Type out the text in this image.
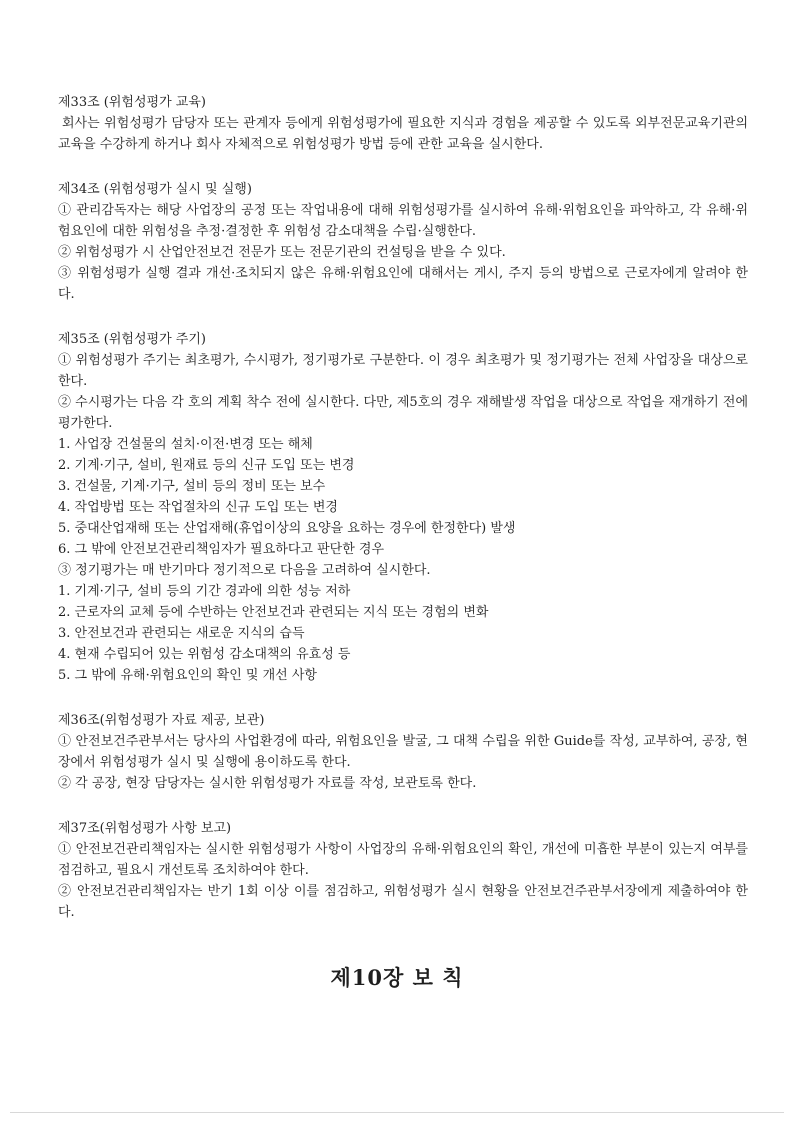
제33조 (위험성평가 교육)

회사는 위험성평가 담당자 또는 관계자 등에게 위험성평가에 필요한 지식과 경험을 제공할 수 있도록 외부전문교육기관의 교육을 수강하게 하거나 회사 자체적으로 위험성평가 방법 등에 관한 교육을 실시한다.

제34조 (위험성평가 실시 및 실행)

① 관리감독자는 해당 사업장의 공정 또는 작업내용에 대해 위험성평가를 실시하여 유해·위험요인을 파악하고, 각 유해·위험요인에 대한 위험성을 추정·결정한 후 위험성 감소대책을 수립·실행한다.

② 위험성평가 시 산업안전보건 전문가 또는 전문기관의 컨설팅을 받을 수 있다.

③ 위험성평가 실행 결과 개선·조치되지 않은 유해·위험요인에 대해서는 게시, 주지 등의 방법으로 근로자에게 알려야 한다.

제35조 (위험성평가 주기)

① 위험성평가 주기는 최초평가, 수시평가, 정기평가로 구분한다. 이 경우 최초평가 및 정기평가는 전체 사업장을 대상으로 한다.

② 수시평가는 다음 각 호의 계획 착수 전에 실시한다. 다만, 제5호의 경우 재해발생 작업을 대상으로 작업을 재개하기 전에 평가한다.

1. 사업장 건설물의 설치·이전·변경 또는 해체

2. 기계·기구, 설비, 원재료 등의 신규 도입 또는 변경

3. 건설물, 기계·기구, 설비 등의 정비 또는 보수

4. 작업방법 또는 작업절차의 신규 도입 또는 변경

5. 중대산업재해 또는 산업재해(휴업이상의 요양을 요하는 경우에 한정한다) 발생

6. 그 밖에 안전보건관리책임자가 필요하다고 판단한 경우

③ 정기평가는 매 반기마다 정기적으로 다음을 고려하여 실시한다.

1. 기계·기구, 설비 등의 기간 경과에 의한 성능 저하

2. 근로자의 교체 등에 수반하는 안전보건과 관련되는 지식 또는 경험의 변화

3. 안전보건과 관련되는 새로운 지식의 습득

4. 현재 수립되어 있는 위험성 감소대책의 유효성 등

5. 그 밖에 유해·위험요인의 확인 및 개선 사항

제36조(위험성평가 자료 제공, 보관)

① 안전보건주관부서는 당사의 사업환경에 따라, 위험요인을 발굴, 그 대책 수립을 위한 Guide를 작성, 교부하여, 공장, 현장에서 위험성평가 실시 및 실행에 용이하도록 한다.

② 각 공장, 현장 담당자는 실시한 위험성평가 자료를 작성, 보관토록 한다.

제37조(위험성평가 사항 보고)

① 안전보건관리책임자는 실시한 위험성평가 사항이 사업장의 유해·위험요인의 확인, 개선에 미흡한 부분이 있는지 여부를 점검하고, 필요시 개선토록 조치하여야 한다.

② 안전보건관리책임자는 반기 1회 이상 이를 점검하고, 위험성평가 실시 현황을 안전보건주관부서장에게 제출하여야 한다.

제10장 보 칙
